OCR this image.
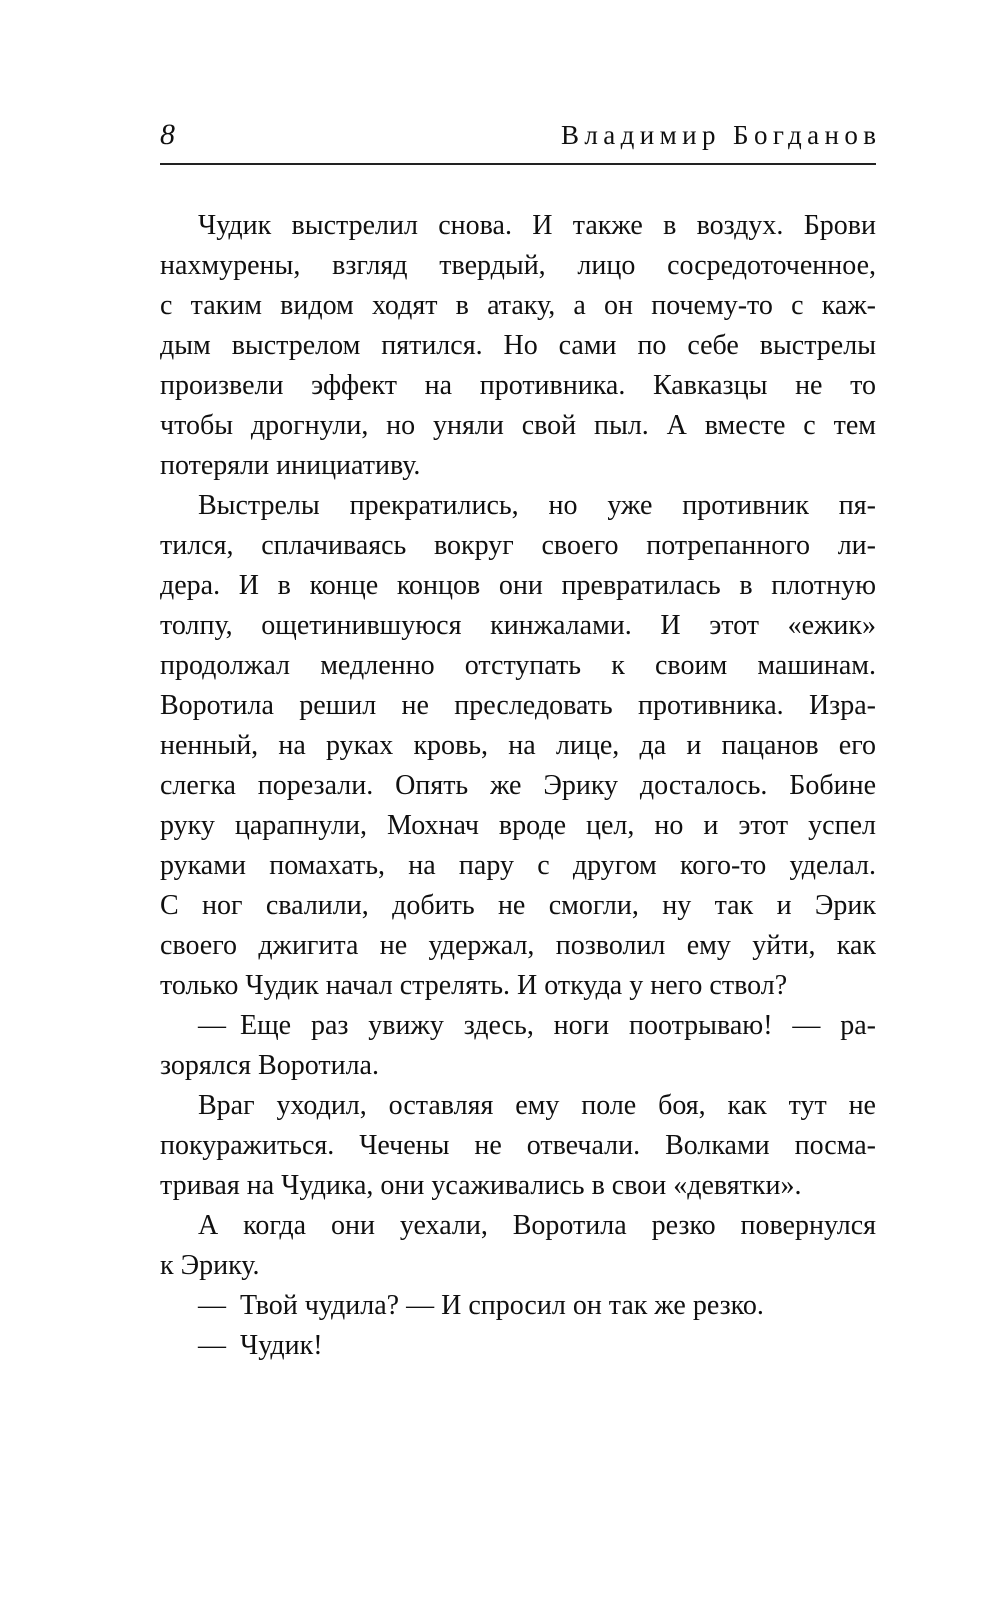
8	Владимир Богданов
Чудик выстрелил снова. И также в воздух. Брови
нахмурены, взгляд твердый, лицо сосредоточенное,
с таким видом ходят в атаку, а он почему-то с каж-
дым выстрелом пятился. Но сами по себе выстрелы
произвели эффект на противника. Кавказцы не то
чтобы дрогнули, но уняли свой пыл. А вместе с тем
потеряли инициативу.
Выстрелы прекратились, но уже противник пя-
тился, сплачиваясь вокруг своего потрепанного ли-
дера. И в конце концов они превратилась в плотную
толпу, ощетинившуюся кинжалами. И этот «ежик»
продолжал медленно отступать к своим машинам.
Воротила решил не преследовать противника. Изра-
ненный, на руках кровь, на лице, да и пацанов его
слегка порезали. Опять же Эрику досталось. Бобине
руку царапнули, Мохнач вроде цел, но и этот успел
руками помахать, на пару с другом кого-то уделал.
С ног свалили, добить не смогли, ну так и Эрик
своего джигита не удержал, позволил ему уйти, как
только Чудик начал стрелять. И откуда у него ствол?
— Еще раз увижу здесь, ноги поотрываю! — ра-
зорялся Воротила.
Враг уходил, оставляя ему поле боя, как тут не
покуражиться. Чечены не отвечали. Волками посма-
тривая на Чудика, они усаживались в свои «девятки».
А когда они уехали, Воротила резко повернулся
к Эрику.
— Твой чудила? — И спросил он так же резко.
— Чудик!
